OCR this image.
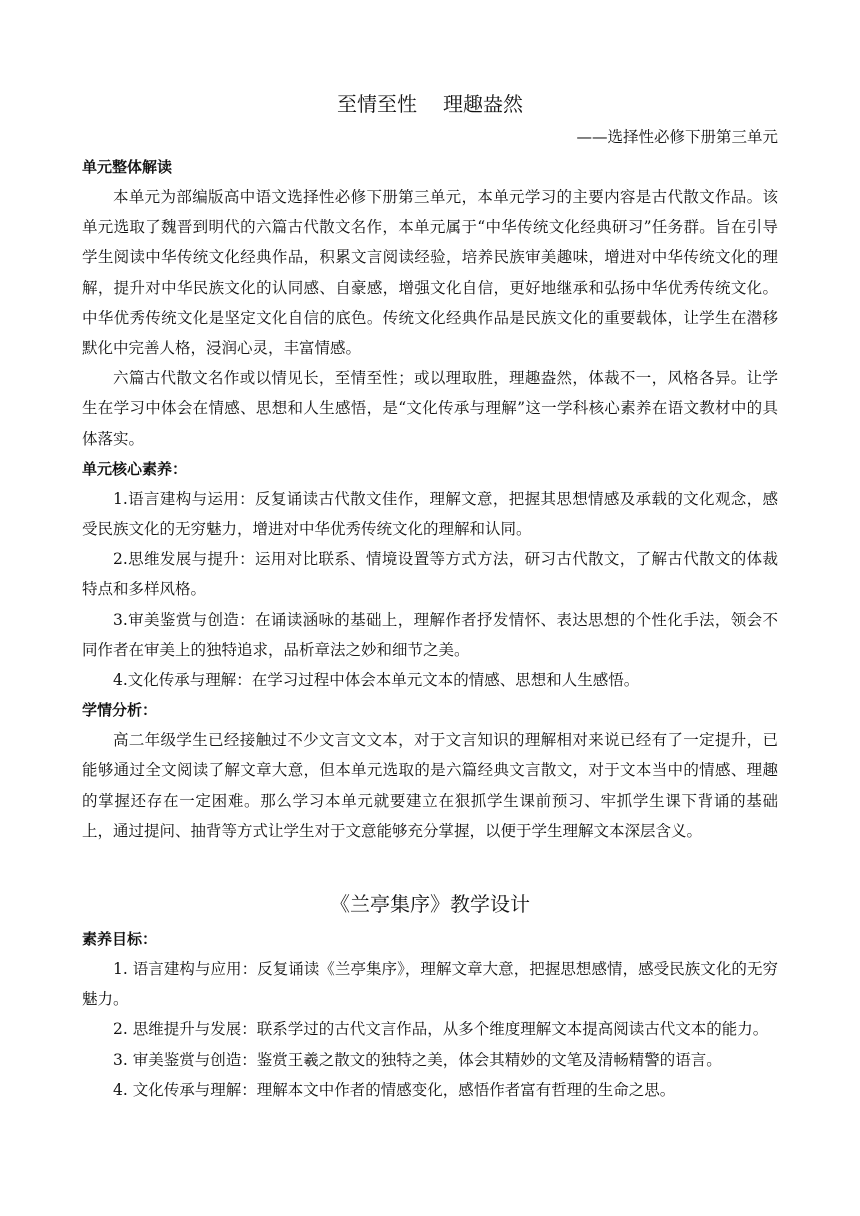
至情至性 理趣盎然

——选择性必修下册第三单元

单元整体解读

本单元为部编版高中语文选择性必修下册第三单元，本单元学习的主要内容是古代散文作品。该单元选取了魏晋到明代的六篇古代散文名作，本单元属于“中华传统文化经典研习”任务群。旨在引导学生阅读中华传统文化经典作品，积累文言阅读经验，培养民族审美趣味，增进对中华传统文化的理解，提升对中华民族文化的认同感、自豪感，增强文化自信，更好地继承和弘扬中华优秀传统文化。中华优秀传统文化是坚定文化自信的底色。传统文化经典作品是民族文化的重要载体，让学生在潜移默化中完善人格，浸润心灵，丰富情感。

六篇古代散文名作或以情见长，至情至性；或以理取胜，理趣盎然，体裁不一，风格各异。让学生在学习中体会在情感、思想和人生感悟，是“文化传承与理解”这一学科核心素养在语文教材中的具体落实。

单元核心素养：

1.语言建构与运用：反复诵读古代散文佳作，理解文意，把握其思想情感及承载的文化观念，感受民族文化的无穷魅力，增进对中华优秀传统文化的理解和认同。

2.思维发展与提升：运用对比联系、情境设置等方式方法，研习古代散文，了解古代散文的体裁特点和多样风格。

3.审美鉴赏与创造：在诵读涵咏的基础上，理解作者抒发情怀、表达思想的个性化手法，领会不同作者在审美上的独特追求，品析章法之妙和细节之美。

4.文化传承与理解：在学习过程中体会本单元文本的情感、思想和人生感悟。

学情分析：

高二年级学生已经接触过不少文言文文本，对于文言知识的理解相对来说已经有了一定提升，已能够通过全文阅读了解文章大意，但本单元选取的是六篇经典文言散文，对于文本当中的情感、理趣的掌握还存在一定困难。那么学习本单元就要建立在狠抓学生课前预习、牢抓学生课下背诵的基础上，通过提问、抽背等方式让学生对于文意能够充分掌握，以便于学生理解文本深层含义。

《兰亭集序》教学设计

素养目标：

1. 语言建构与应用：反复诵读《兰亭集序》，理解文章大意，把握思想感情，感受民族文化的无穷魅力。

2. 思维提升与发展：联系学过的古代文言作品，从多个维度理解文本提高阅读古代文本的能力。

3. 审美鉴赏与创造：鉴赏王羲之散文的独特之美，体会其精妙的文笔及清畅精警的语言。

4. 文化传承与理解：理解本文中作者的情感变化，感悟作者富有哲理的生命之思。
